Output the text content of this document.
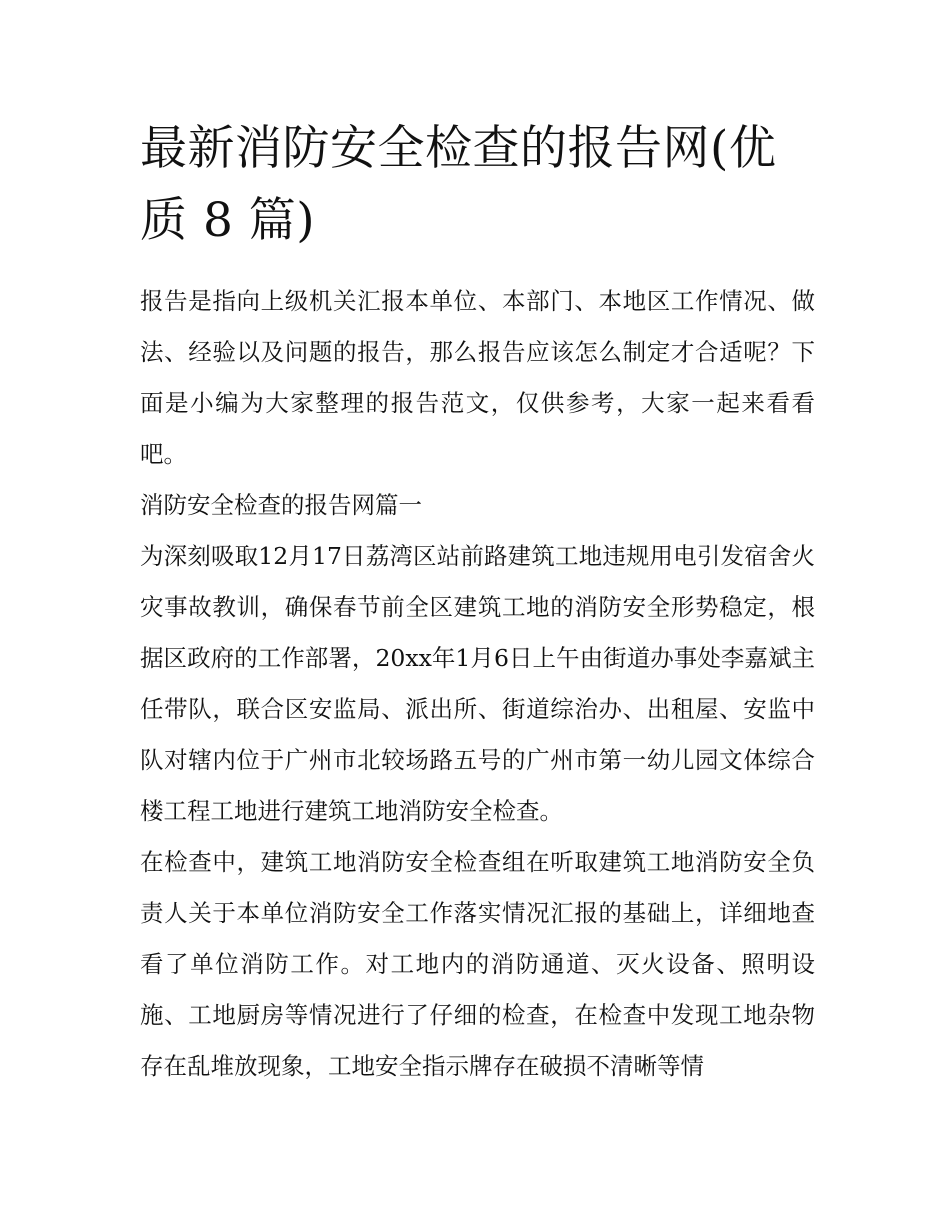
最新消防安全检查的报告网(优
质 8 篇)

报告是指向上级机关汇报本单位、本部门、本地区工作情况、做法、经验以及问题的报告，那么报告应该怎么制定才合适呢？下面是小编为大家整理的报告范文，仅供参考，大家一起来看看吧。

消防安全检查的报告网篇一

为深刻吸取12月17日荔湾区站前路建筑工地违规用电引发宿舍火灾事故教训，确保春节前全区建筑工地的消防安全形势稳定，根据区政府的工作部署，20xx年1月6日上午由街道办事处李嘉斌主任带队，联合区安监局、派出所、街道综治办、出租屋、安监中队对辖内位于广州市北较场路五号的广州市第一幼儿园文体综合楼工程工地进行建筑工地消防安全检查。

在检查中，建筑工地消防安全检查组在听取建筑工地消防安全负责人关于本单位消防安全工作落实情况汇报的基础上，详细地查看了单位消防工作。对工地内的消防通道、灭火设备、照明设施、工地厨房等情况进行了仔细的检查，在检查中发现工地杂物存在乱堆放现象，工地安全指示牌存在破损不清晰等情
